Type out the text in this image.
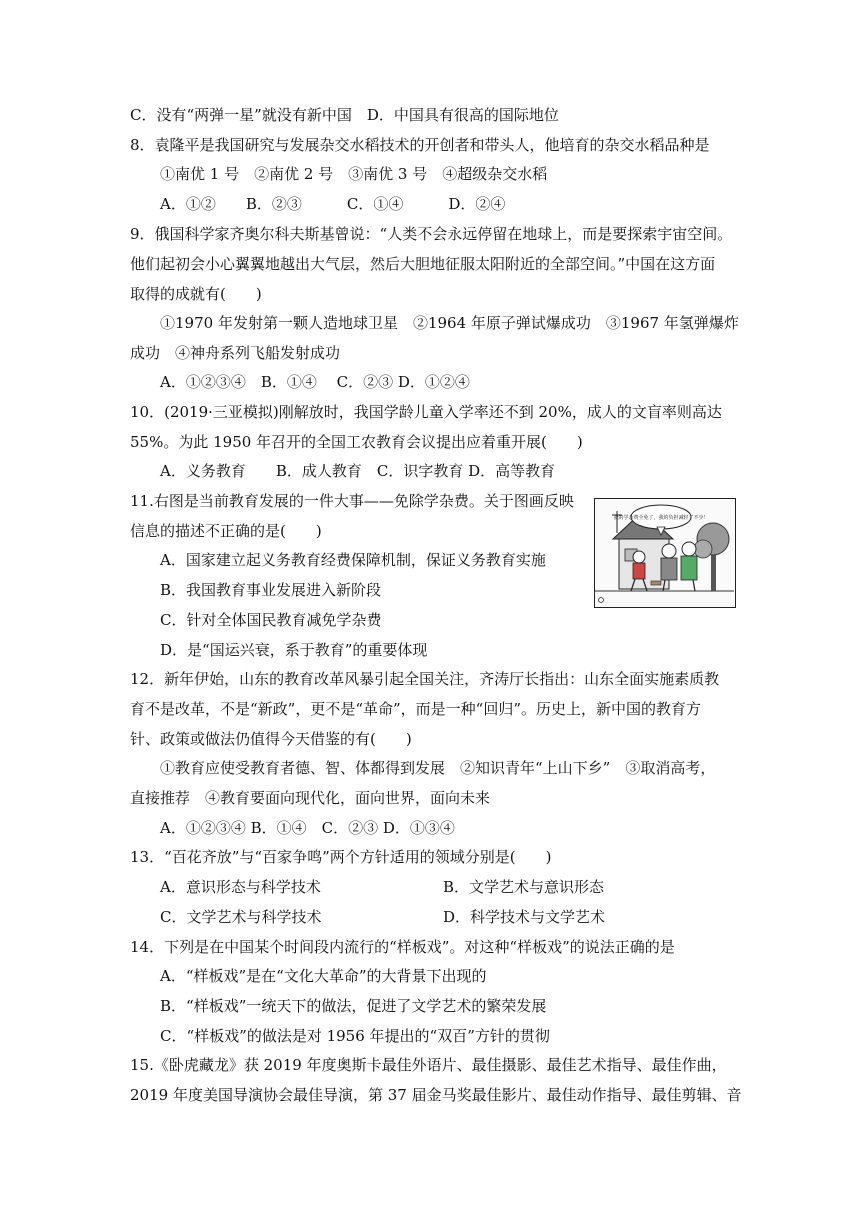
C．没有“两弹一星”就没有新中国　D．中国具有很高的国际地位
8．袁隆平是我国研究与发展杂交水稻技术的开创者和带头人，他培育的杂交水稻品种是
①南优 1 号　②南优 2 号　③南优 3 号　④超级杂交水稻
A．①②　　B．②③　　　C．①④　　　D．②④
9．俄国科学家齐奥尔科夫斯基曾说：“人类不会永远停留在地球上，而是要探索宇宙空间。
他们起初会小心翼翼地越出大气层，然后大胆地征服太阳附近的全部空间。”中国在这方面
取得的成就有(　　)
①1970 年发射第一颗人造地球卫星　②1964 年原子弹试爆成功　③1967 年氢弹爆炸
成功　④神舟系列飞船发射成功
A．①②③④　B．①④　 C．②③ D．①②④
10．(2019·三亚模拟)刚解放时，我国学龄儿童入学率还不到 20%，成人的文盲率则高达
55%。为此 1950 年召开的全国工农教育会议提出应着重开展(　　)
A．义务教育　　B．成人教育　C．识字教育 D．高等教育
11.右图是当前教育发展的一件大事——免除学杂费。关于图画反映
信息的描述不正确的是(　　)
A．国家建立起义务教育经费保障机制，保证义务教育实施
B．我国教育事业发展进入新阶段
C．针对全体国民教育减免学杂费
D．是“国运兴衰，系于教育”的重要体现
我的学杂费全免了，我的负担减轻了不少！
12．新年伊始，山东的教育改革风暴引起全国关注，齐涛厅长指出：山东全面实施素质教
育不是改革，不是“新政”，更不是“革命”，而是一种“回归”。历史上，新中国的教育方
针、政策或做法仍值得今天借鉴的有(　　)
①教育应使受教育者德、智、体都得到发展　②知识青年“上山下乡”　③取消高考，
直接推荐　④教育要面向现代化，面向世界，面向未来
A．①②③④ B．①④　C．②③ D．①③④
13．“百花齐放”与“百家争鸣”两个方针适用的领域分别是(　　)
A．意识形态与科学技术	B．文学艺术与意识形态
C．文学艺术与科学技术	D．科学技术与文学艺术
14．下列是在中国某个时间段内流行的“样板戏”。对这种“样板戏”的说法正确的是
A．“样板戏”是在“文化大革命”的大背景下出现的
B．“样板戏”一统天下的做法，促进了文学艺术的繁荣发展
C．“样板戏”的做法是对 1956 年提出的“双百”方针的贯彻
15.《卧虎藏龙》获 2019 年度奥斯卡最佳外语片、最佳摄影、最佳艺术指导、最佳作曲，
2019 年度美国导演协会最佳导演，第 37 届金马奖最佳影片、最佳动作指导、最佳剪辑、音
